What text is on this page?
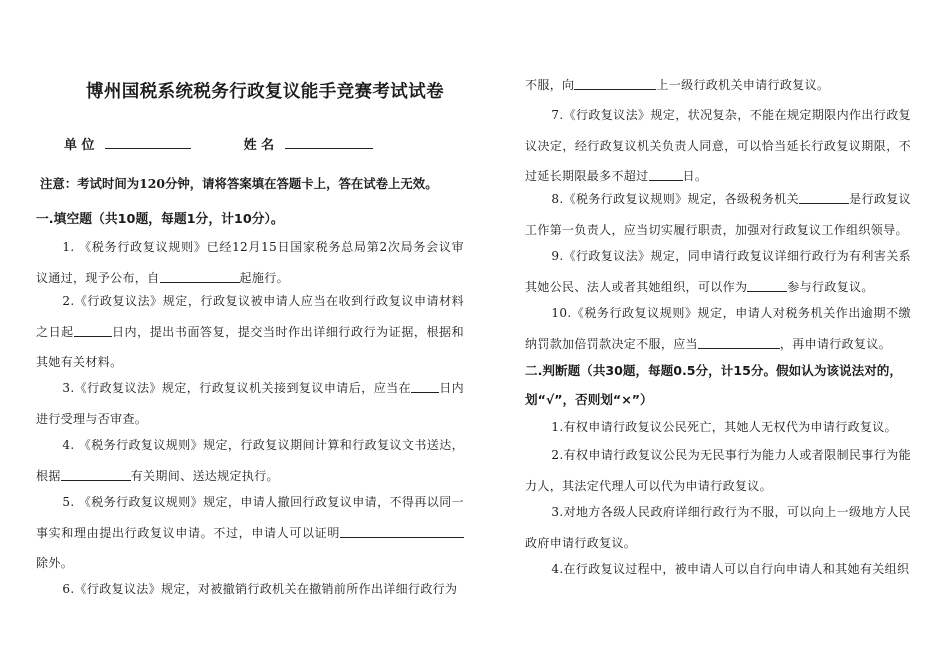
博州国税系统税务行政复议能手竞赛考试试卷
单 位	姓 名
注意：考试时间为120分钟，请将答案填在答题卡上，答在试卷上无效。
一.填空题（共10题，每题1分，计10分）。
1. 《税务行政复议规则》已经12月15日国家税务总局第2次局务会议审议通过，现予公布，自	起施行。
2.《行政复议法》规定，行政复议被申请人应当在收到行政复议申请材料之日起	日内，提出书面答复，提交当时作出详细行政行为证据，根据和其她有关材料。
3.《行政复议法》规定，行政复议机关接到复议申请后，应当在 日内进行受理与否审查。
4. 《税务行政复议规则》规定，行政复议期间计算和行政复议文书送达，根据	有关期间、送达规定执行。
5. 《税务行政复议规则》规定，申请人撤回行政复议申请，不得再以同一事实和理由提出行政复议申请。不过，申请人可以证明除外。
6.《行政复议法》规定，对被撤销行政机关在撤销前所作出详细行政行为
不服，向	上一级行政机关申请行政复议。
7.《行政复议法》规定，状况复杂，不能在规定期限内作出行政复议决定，经行政复议机关负责人同意，可以恰当延长行政复议期限，不过延长期限最多不超过	日。
8.《税务行政复议规则》规定，各级税务机关	是行政复议工作第一负责人，应当切实履行职责，加强对行政复议工作组织领导。
9.《行政复议法》规定，同申请行政复议详细行政行为有利害关系其她公民、法人或者其她组织，可以作为	参与行政复议。
10.《税务行政复议规则》规定，申请人对税务机关作出逾期不缴纳罚款加倍罚款决定不服，应当	，再申请行政复议。
二.判断题（共30题，每题0.5分，计15分。假如认为该说法对的，划“√”，否则划“×”）
1.有权申请行政复议公民死亡，其她人无权代为申请行政复议。
2.有权申请行政复议公民为无民事行为能力人或者限制民事行为能力人，其法定代理人可以代为申请行政复议。
3.对地方各级人民政府详细行政行为不服，可以向上一级地方人民政府申请行政复议。
4.在行政复议过程中，被申请人可以自行向申请人和其她有关组织
